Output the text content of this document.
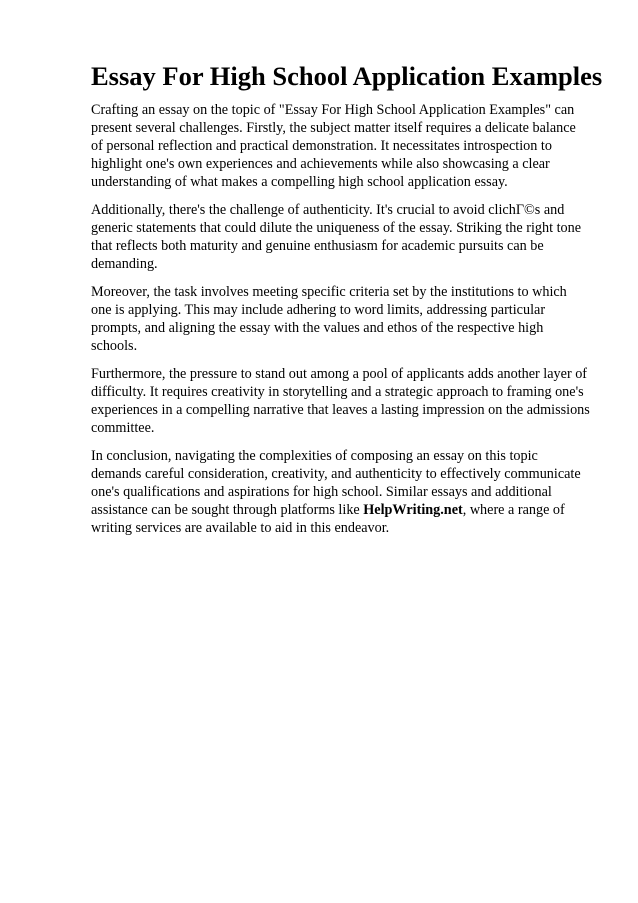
Essay For High School Application Examples

Crafting an essay on the topic of "Essay For High School Application Examples" can present several challenges. Firstly, the subject matter itself requires a delicate balance of personal reflection and practical demonstration. It necessitates introspection to highlight one's own experiences and achievements while also showcasing a clear understanding of what makes a compelling high school application essay.

Additionally, there's the challenge of authenticity. It's crucial to avoid clichГ©s and generic statements that could dilute the uniqueness of the essay. Striking the right tone that reflects both maturity and genuine enthusiasm for academic pursuits can be demanding.

Moreover, the task involves meeting specific criteria set by the institutions to which one is applying. This may include adhering to word limits, addressing particular prompts, and aligning the essay with the values and ethos of the respective high schools.

Furthermore, the pressure to stand out among a pool of applicants adds another layer of difficulty. It requires creativity in storytelling and a strategic approach to framing one's experiences in a compelling narrative that leaves a lasting impression on the admissions committee.

In conclusion, navigating the complexities of composing an essay on this topic demands careful consideration, creativity, and authenticity to effectively communicate one's qualifications and aspirations for high school. Similar essays and additional assistance can be sought through platforms like HelpWriting.net, where a range of writing services are available to aid in this endeavor.
